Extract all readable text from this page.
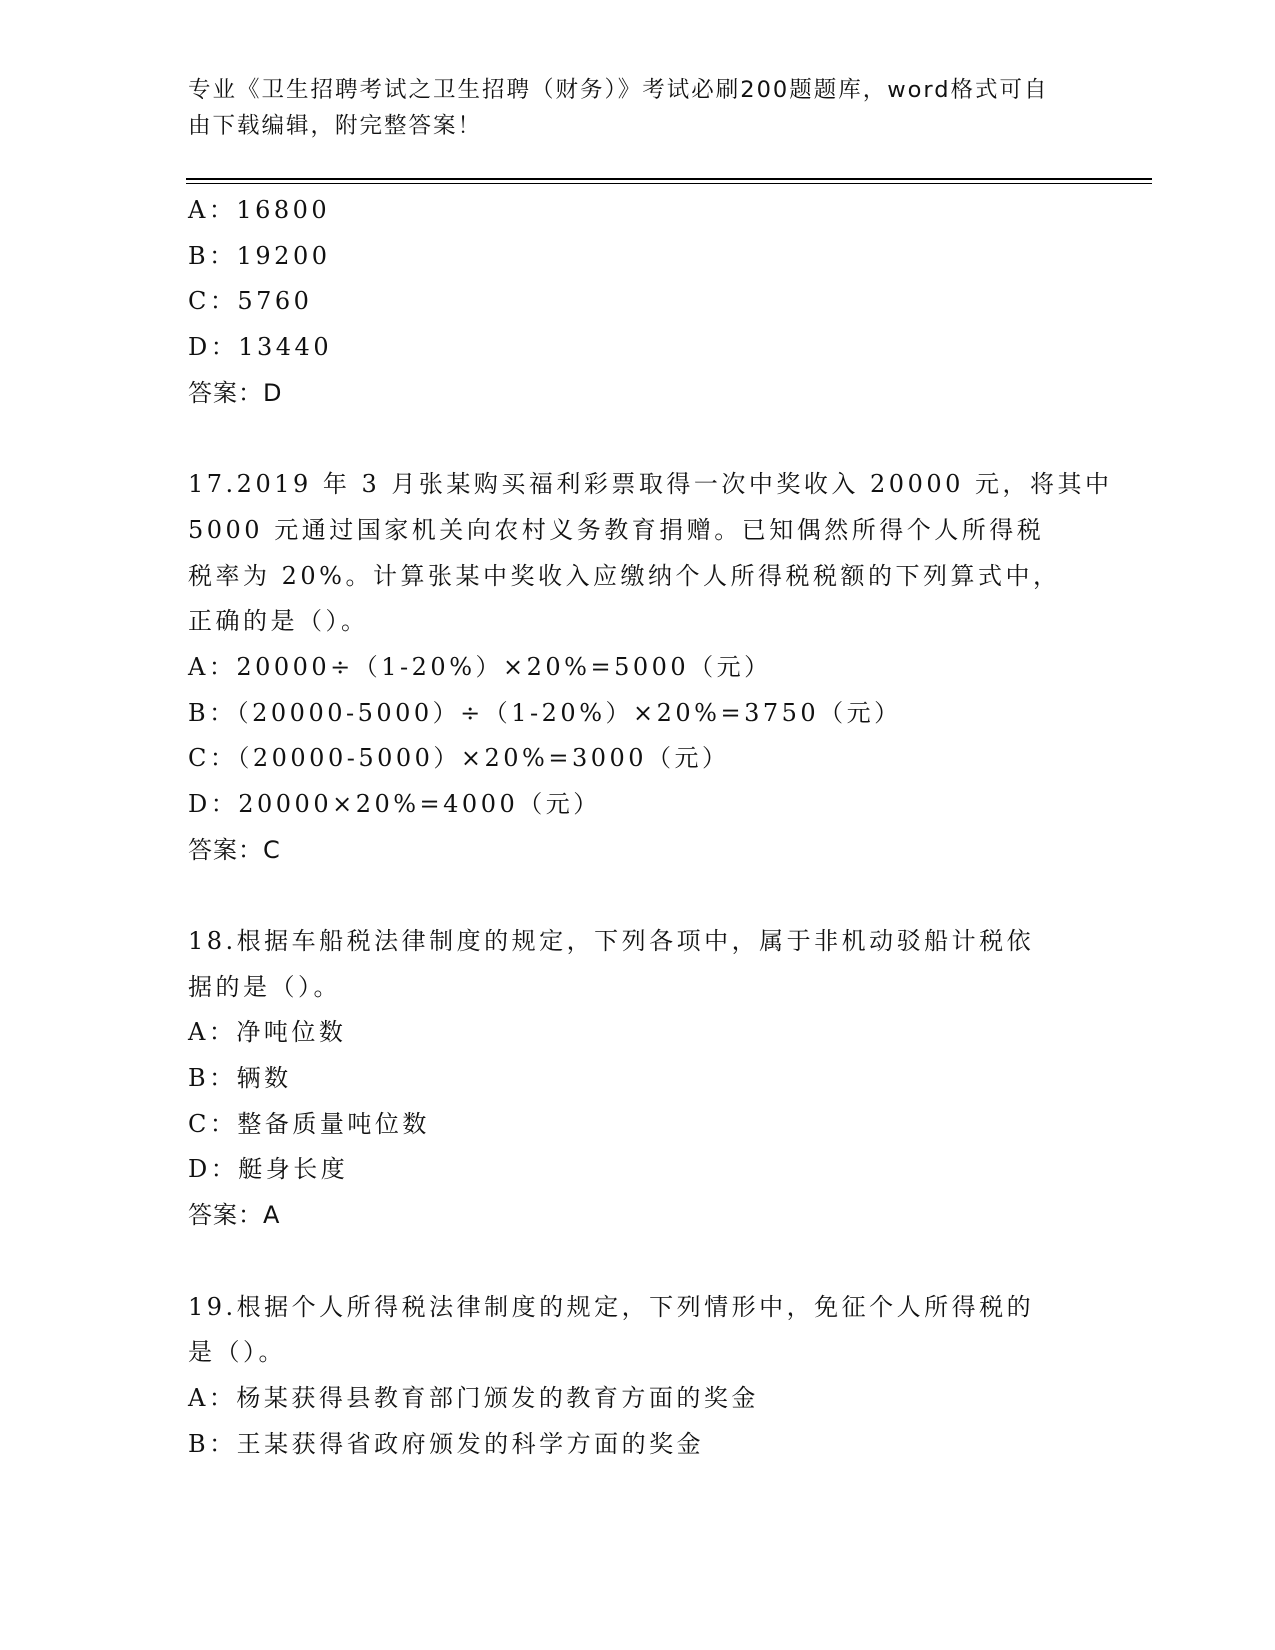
专业《卫生招聘考试之卫生招聘（财务）》考试必刷200题题库，word格式可自
由下载编辑，附完整答案！
A：16800
B：19200
C：5760
D：13440
答案：D
17.2019 年 3 月张某购买福利彩票取得一次中奖收入 20000 元，将其中
5000 元通过国家机关向农村义务教育捐赠。已知偶然所得个人所得税
税率为 20%。计算张某中奖收入应缴纳个人所得税税额的下列算式中，
正确的是（）。
A：20000÷（1-20%）×20%=5000（元）
B：（20000-5000）÷（1-20%）×20%=3750（元）
C：（20000-5000）×20%=3000（元）
D：20000×20%=4000（元）
答案：C
18.根据车船税法律制度的规定，下列各项中，属于非机动驳船计税依
据的是（）。
A：净吨位数
B：辆数
C：整备质量吨位数
D：艇身长度
答案：A
19.根据个人所得税法律制度的规定，下列情形中，免征个人所得税的
是（）。
A：杨某获得县教育部门颁发的教育方面的奖金
B：王某获得省政府颁发的科学方面的奖金
